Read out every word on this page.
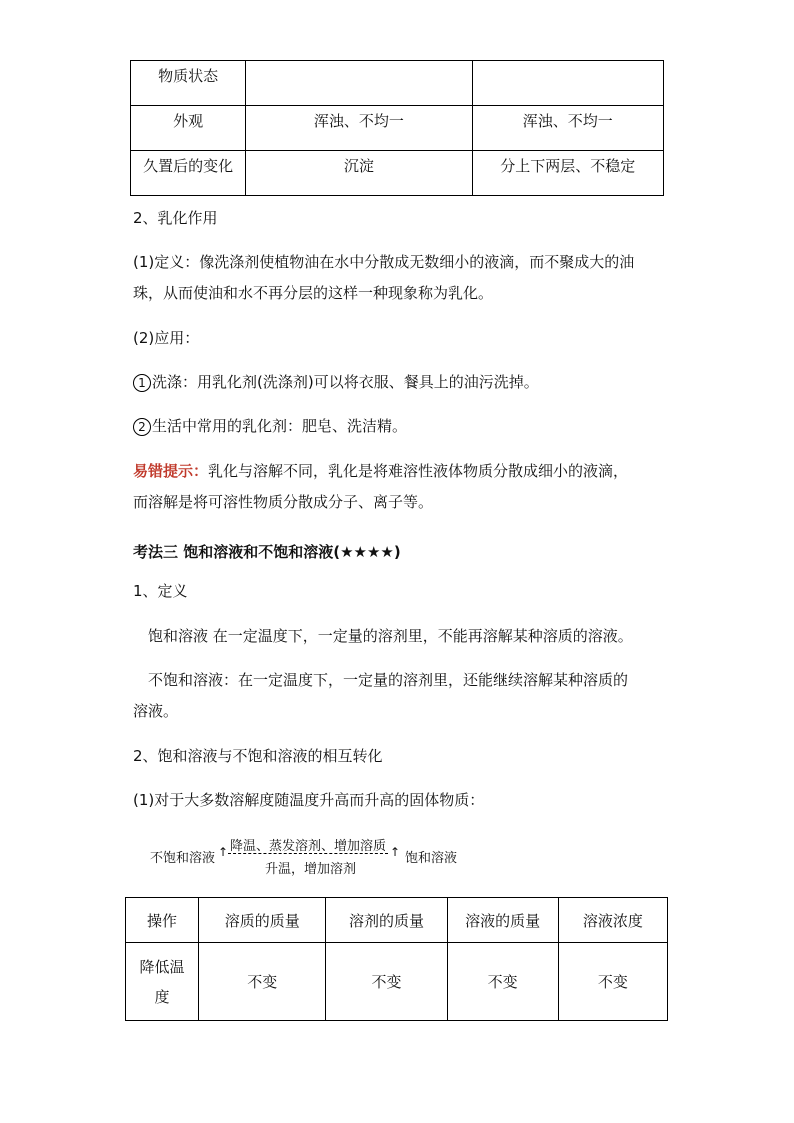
物质状态		
外观	浑浊、不均一	浑浊、不均一
久置后的变化	沉淀	分上下两层、不稳定
2、乳化作用
(1)定义：像洗涤剂使植物油在水中分散成无数细小的液滴，而不聚成大的油
珠，从而使油和水不再分层的这样一种现象称为乳化。
(2)应用：
1 洗涤：用乳化剂(洗涤剂)可以将衣服、餐具上的油污洗掉。
2 生活中常用的乳化剂：肥皂、洗洁精。
易错提示：乳化与溶解不同，乳化是将难溶性液体物质分散成细小的液滴，
而溶解是将可溶性物质分散成分子、离子等。
考法三 饱和溶液和不饱和溶液(★★★★)
1、定义
饱和溶液 在一定温度下，一定量的溶剂里，不能再溶解某种溶质的溶液。
不饱和溶液：在一定温度下，一定量的溶剂里，还能继续溶解某种溶质的
溶液。
2、饱和溶液与不饱和溶液的相互转化
(1)对于大多数溶解度随温度升高而升高的固体物质：
不饱和溶液 ↑ 降温、蒸发溶剂、增加溶质
升温，增加溶剂
↑ 饱和溶液
操作	溶质的质量	溶剂的质量	溶液的质量	溶液浓度
降低温度	不变	不变	不变	不变
